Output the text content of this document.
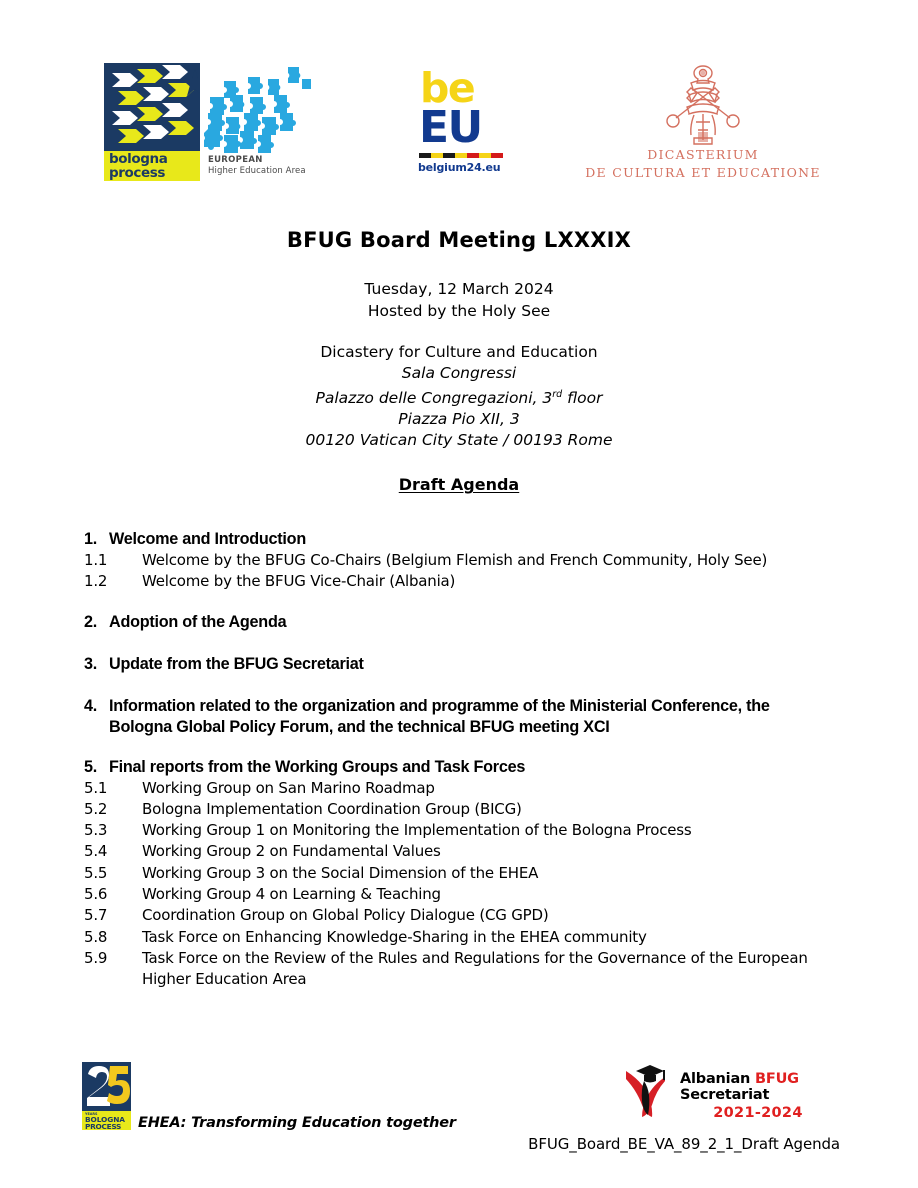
bologna
process
EUROPEAN
Higher Education Area
be
EU
belgium24.eu
DICASTERIUM
DE CULTURA ET EDUCATIONE
BFUG Board Meeting LXXXIX
Tuesday, 12 March 2024
Hosted by the Holy See
Dicastery for Culture and Education
Sala Congressi
Palazzo delle Congregazioni, 3rd floor
Piazza Pio XII, 3
00120 Vatican City State / 00193 Rome
Draft Agenda
1. Welcome and Introduction
1.1	Welcome by the BFUG Co-Chairs (Belgium Flemish and French Community, Holy See)
1.2	Welcome by the BFUG Vice-Chair (Albania)
2. Adoption of the Agenda
3. Update from the BFUG Secretariat
4. Information related to the organization and programme of the Ministerial Conference, the Bologna Global Policy Forum, and the technical BFUG meeting XCI
5. Final reports from the Working Groups and Task Forces
5.1	Working Group on San Marino Roadmap
5.2	Bologna Implementation Coordination Group (BICG)
5.3	Working Group 1 on Monitoring the Implementation of the Bologna Process
5.4	Working Group 2 on Fundamental Values
5.5	Working Group 3 on the Social Dimension of the EHEA
5.6	Working Group 4 on Learning & Teaching
5.7	Coordination Group on Global Policy Dialogue (CG GPD)
5.8	Task Force on Enhancing Knowledge-Sharing in the EHEA community
5.9	Task Force on the Review of the Rules and Regulations for the Governance of the European Higher Education Area
YEARS
BOLOGNA
PROCESS	EHEA: Transforming Education together
Albanian BFUG Secretariat
2021-2024
BFUG_Board_BE_VA_89_2_1_Draft Agenda
